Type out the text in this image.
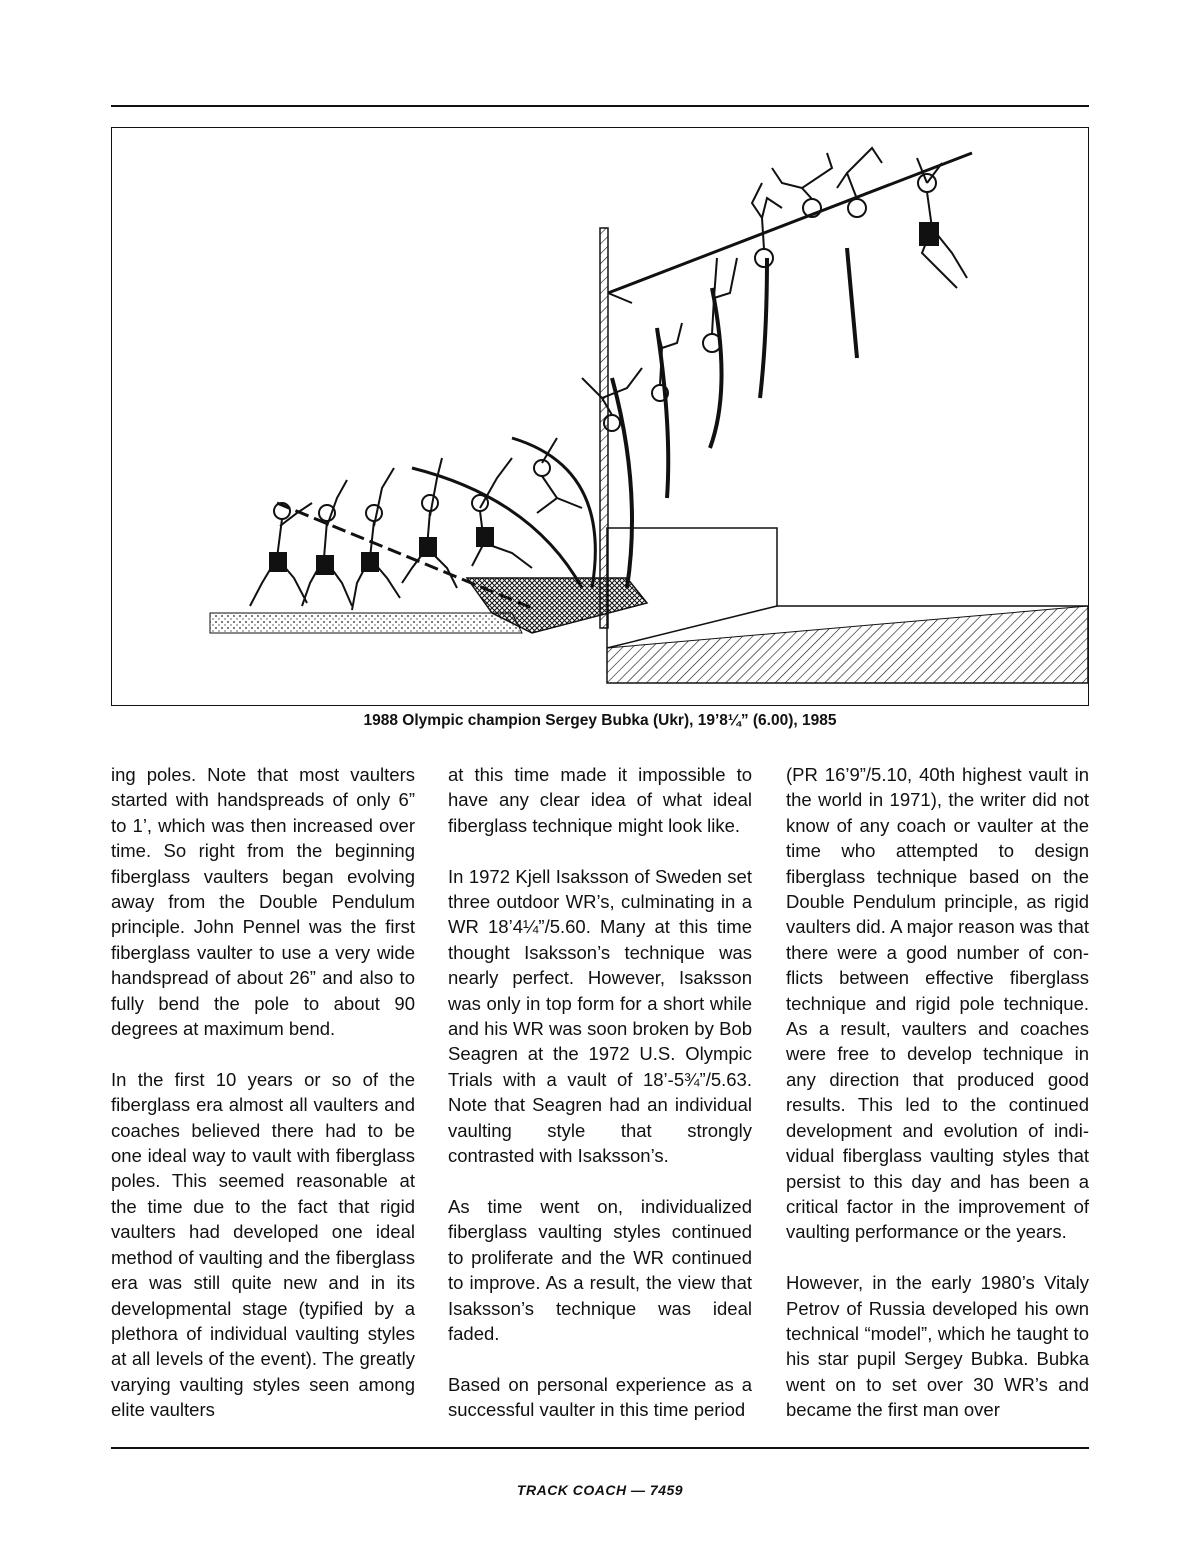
1988 Olympic champion Sergey Bubka (Ukr), 19’8¼” (6.00), 1985

ing poles. Note that most vaulters started with handspreads of only 6” to 1’, which was then increased over time. So right from the beginning fiberglass vaulters began evolving away from the Double Pendulum principle. John Pennel was the first fiberglass vaulter to use a very wide handspread of about 26” and also to fully bend the pole to about 90 degrees at maximum bend.

In the first 10 years or so of the fiberglass era almost all vaulters and coaches believed there had to be one ideal way to vault with fiberglass poles. This seemed reasonable at the time due to the fact that rigid vaulters had developed one ideal method of vaulting and the fiberglass era was still quite new and in its developmental stage (typified by a plethora of individual vaulting styles at all levels of the event). The greatly varying vaulting styles seen among elite vaulters

at this time made it impossible to have any clear idea of what ideal fiberglass technique might look like.

In 1972 Kjell Isaksson of Sweden set three outdoor WR’s, culminating in a WR 18’4¼”/5.60. Many at this time thought Isaksson’s technique was nearly perfect. However, Isaksson was only in top form for a short while and his WR was soon broken by Bob Seagren at the 1972 U.S. Olympic Trials with a vault of 18’-5¾”/5.63. Note that Seagren had an individual vaulting style that strongly contrasted with Isaksson’s.

As time went on, individualized fiberglass vaulting styles continued to proliferate and the WR continued to improve. As a result, the view that Isaksson’s technique was ideal faded.

Based on personal experience as a successful vaulter in this time period

(PR 16’9”/5.10, 40th highest vault in the world in 1971), the writer did not know of any coach or vaulter at the time who attempted to design fiberglass technique based on the Double Pendulum principle, as rigid vaulters did. A major reason was that there were a good number of conflicts between effective fiberglass technique and rigid pole technique. As a result, vaulters and coaches were free to develop technique in any direction that produced good results. This led to the continued development and evolution of individual fiberglass vaulting styles that persist to this day and has been a critical factor in the improvement of vaulting performance or the years.

However, in the early 1980’s Vitaly Petrov of Russia developed his own technical “model”, which he taught to his star pupil Sergey Bubka. Bubka went on to set over 30 WR’s and became the first man over

TRACK COACH — 7459
